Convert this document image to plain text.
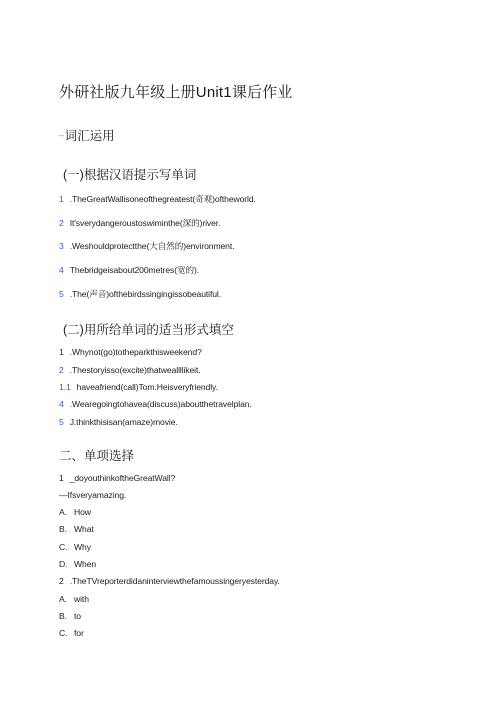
外研社版九年级上册Unit1课后作业
--词汇运用
(一)根据汉语提示写单词
1 .TheGreatWallisoneofthegreatest(奇观)oftheworld.
2 It'sverydangeroustoswiminthe(深的)river.
3 .Weshouldprotectthe(大自然的)environment.
4 Thebridgeisabout200metres(宽的).
5 .The(声音)ofthebirdssingingissobeautiful.
(二)用所给单词的适当形式填空
1 .Whynot(go)totheparkthisweekend?
2 .Thestoryisso(excite)thatweallllikeit.
1.1 haveafriend(call)Tom.Heisveryfriendly.
4 .Wearegoingtohavea(discuss)aboutthetravelplan.
5 J.thinkthisisan(amaze)movie.
二、单项选择
1 _doyouthinkoftheGreatWall?
—Ifsveryamazing.
A. How
B. What
C. Why
D. When
2 .TheTVreporterdidaninterviewthefamoussingeryesterday.
A. with
B. to
C. for
